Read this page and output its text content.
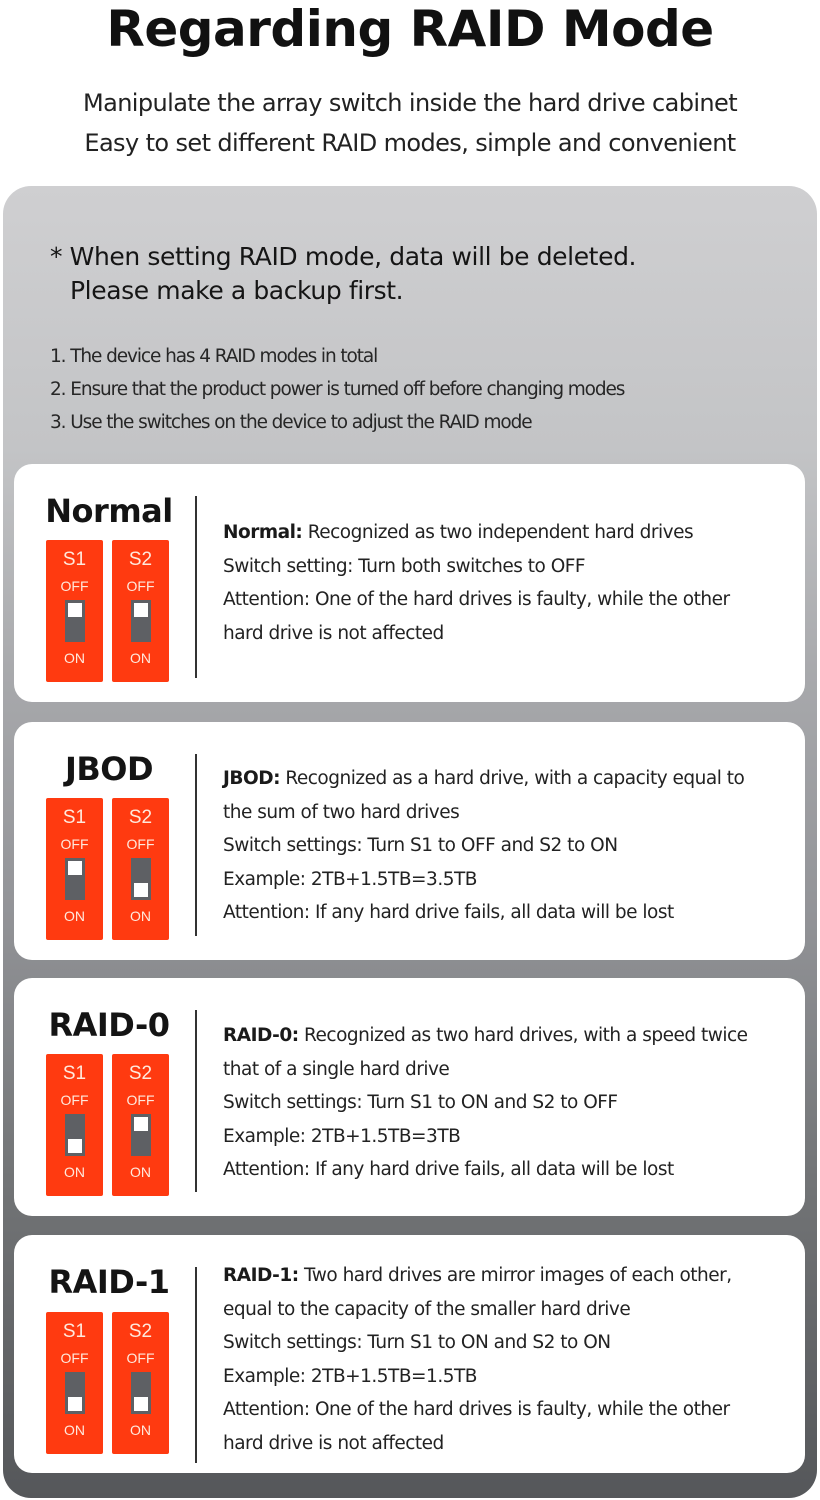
Regarding RAID Mode
Manipulate the array switch inside the hard drive cabinet
Easy to set different RAID modes, simple and convenient
* When setting RAID mode, data will be deleted.
Please make a backup first.
1. The device has 4 RAID modes in total
2. Ensure that the product power is turned off before changing modes
3. Use the switches on the device to adjust the RAID mode
Normal
S1
OFF
ON
S2
OFF
ON
Normal: Recognized as two independent hard drives
Switch setting: Turn both switches to OFF
Attention: One of the hard drives is faulty, while the other
hard drive is not affected
JBOD
S1
OFF
ON
S2
OFF
ON
JBOD: Recognized as a hard drive, with a capacity equal to
the sum of two hard drives
Switch settings: Turn S1 to OFF and S2 to ON
Example: 2TB+1.5TB=3.5TB
Attention: If any hard drive fails, all data will be lost
RAID-0
S1
OFF
ON
S2
OFF
ON
RAID-0: Recognized as two hard drives, with a speed twice
that of a single hard drive
Switch settings: Turn S1 to ON and S2 to OFF
Example: 2TB+1.5TB=3TB
Attention: If any hard drive fails, all data will be lost
RAID-1
S1
OFF
ON
S2
OFF
ON
RAID-1: Two hard drives are mirror images of each other,
equal to the capacity of the smaller hard drive
Switch settings: Turn S1 to ON and S2 to ON
Example: 2TB+1.5TB=1.5TB
Attention: One of the hard drives is faulty, while the other
hard drive is not affected
